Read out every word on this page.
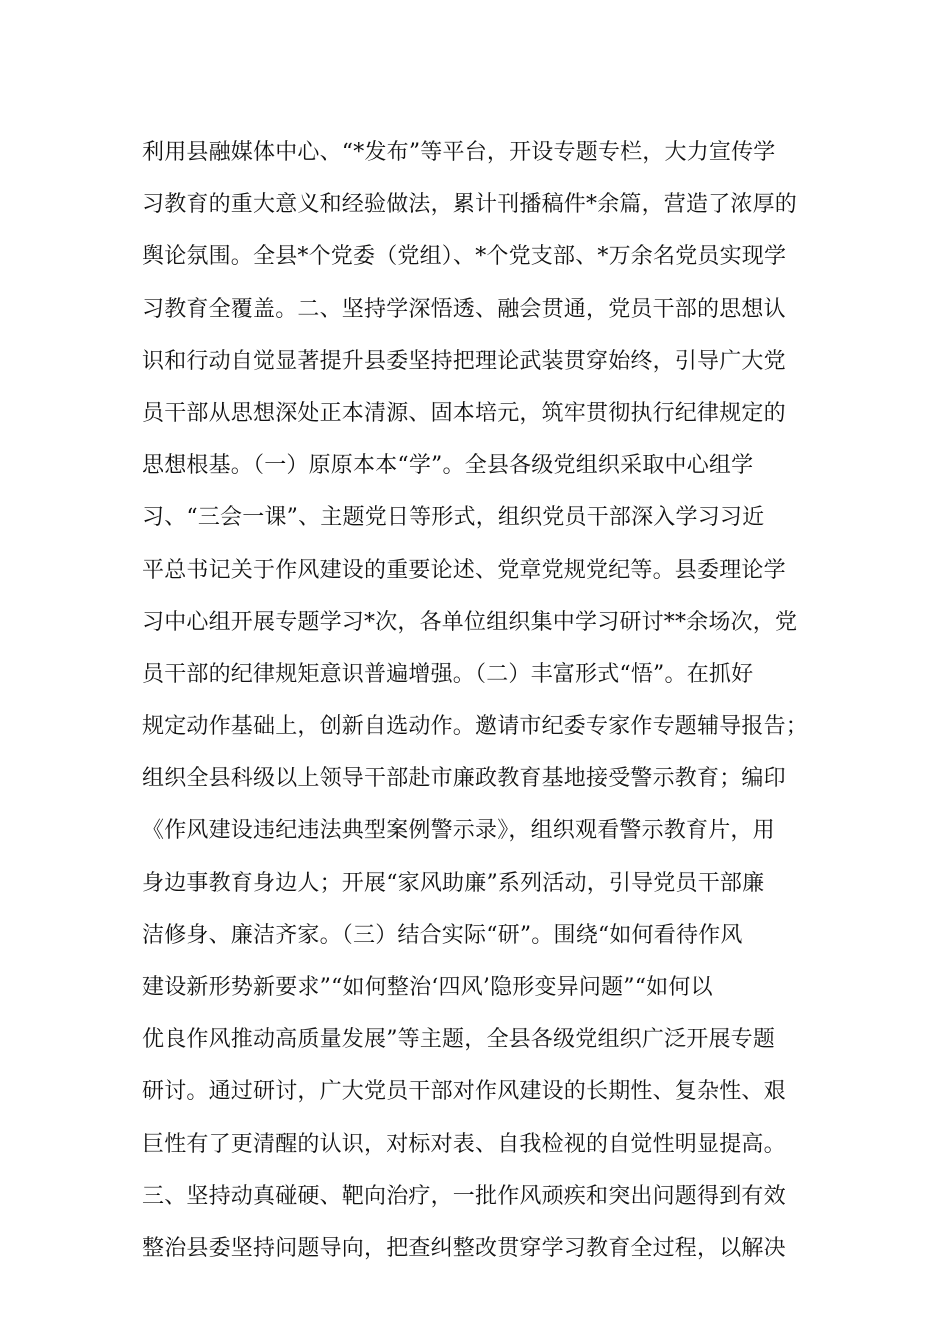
利用县融媒体中心、“*发布”等平台，开设专题专栏，大力宣传学
习教育的重大意义和经验做法，累计刊播稿件*余篇，营造了浓厚的
舆论氛围。全县*个党委（党组）、*个党支部、*万余名党员实现学
习教育全覆盖。二、坚持学深悟透、融会贯通，党员干部的思想认
识和行动自觉显著提升县委坚持把理论武装贯穿始终，引导广大党
员干部从思想深处正本清源、固本培元，筑牢贯彻执行纪律规定的
思想根基。（一）原原本本“学”。全县各级党组织采取中心组学
习、“三会一课”、主题党日等形式，组织党员干部深入学习习近
平总书记关于作风建设的重要论述、党章党规党纪等。县委理论学
习中心组开展专题学习*次，各单位组织集中学习研讨**余场次，党
员干部的纪律规矩意识普遍增强。（二）丰富形式“悟”。在抓好
规定动作基础上，创新自选动作。邀请市纪委专家作专题辅导报告；
组织全县科级以上领导干部赴市廉政教育基地接受警示教育；编印
《作风建设违纪违法典型案例警示录》，组织观看警示教育片，用
身边事教育身边人；开展“家风助廉”系列活动，引导党员干部廉
洁修身、廉洁齐家。（三）结合实际“研”。围绕“如何看待作风
建设新形势新要求”“如何整治‘四风’隐形变异问题”“如何以
优良作风推动高质量发展”等主题，全县各级党组织广泛开展专题
研讨。通过研讨，广大党员干部对作风建设的长期性、复杂性、艰
巨性有了更清醒的认识，对标对表、自我检视的自觉性明显提高。
三、坚持动真碰硬、靶向治疗，一批作风顽疾和突出问题得到有效
整治县委坚持问题导向，把查纠整改贯穿学习教育全过程，以解决
